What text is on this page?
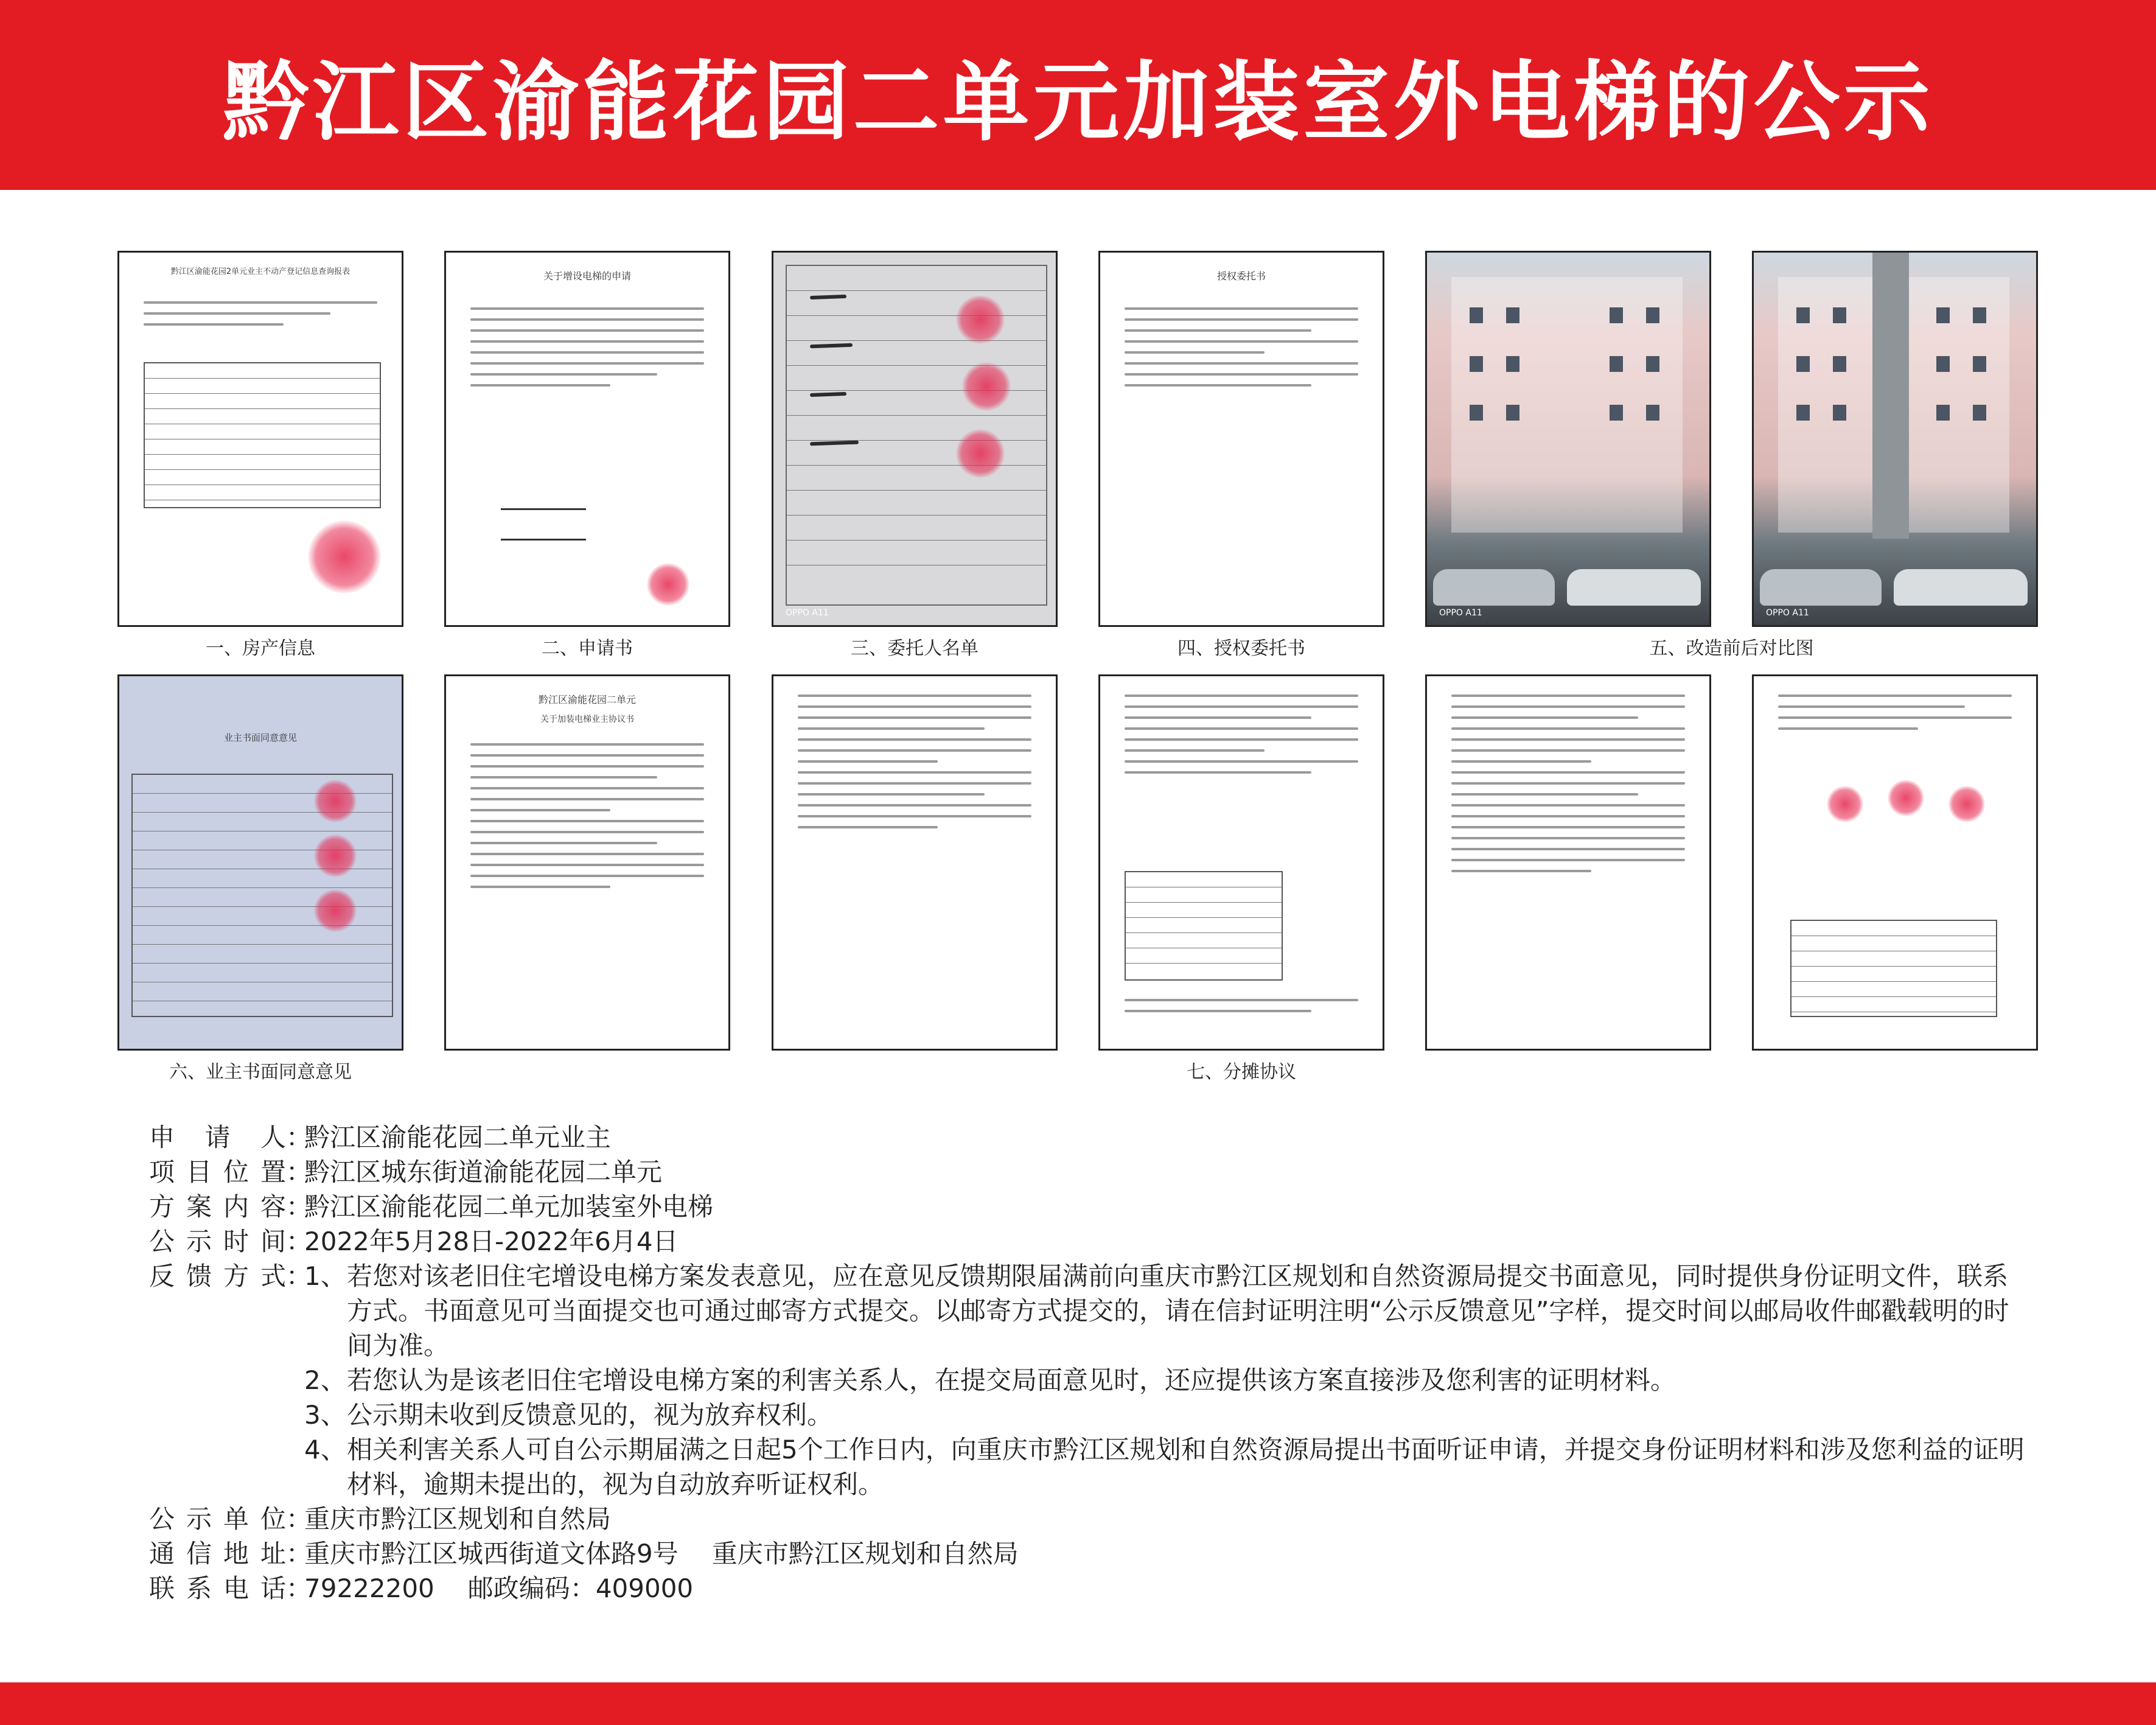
黔江区渝能花园二单元加装室外电梯的公示
黔江区渝能花园2单元业主不动产登记信息查询报表
一、房产信息
关于增设电梯的申请
二、申请书
OPPO A11
三、委托人名单
授权委托书
四、授权委托书
OPPO A11	OPPO A11
五、改造前后对比图
业主书面同意意见
六、业主书面同意意见
黔江区渝能花园二单元
关于加装电梯业主协议书
七、分摊协议
申 请 人 ：
黔江区渝能花园二单元业主
项目位置 ：
黔江区城东街道渝能花园二单元
方案内容 ：
黔江区渝能花园二单元加装室外电梯
公示时间 ：
2022年5月28日-2022年6月4日
反馈方式 ：
1、 若您对该老旧住宅增设电梯方案发表意见，应在意见反馈期限届满前向重庆市黔江区规划和自然资源局提交书面意见，同时提供身份证明文件，联系方式。书面意见可当面提交也可通过邮寄方式提交。以邮寄方式提交的，请在信封证明注明“公示反馈意见”字样，提交时间以邮局收件邮戳载明的时间为准。
2、 若您认为是该老旧住宅增设电梯方案的利害关系人，在提交局面意见时，还应提供该方案直接涉及您利害的证明材料。
3、 公示期未收到反馈意见的，视为放弃权利。
4、 相关利害关系人可自公示期届满之日起5个工作日内，向重庆市黔江区规划和自然资源局提出书面听证申请，并提交身份证明材料和涉及您利益的证明材料，逾期未提出的，视为自动放弃听证权利。
公示单位 ：
重庆市黔江区规划和自然局
通信地址 ：
重庆市黔江区城西街道文体路9号 重庆市黔江区规划和自然局
联系电话 ：
79222200 邮政编码 ： 409000
